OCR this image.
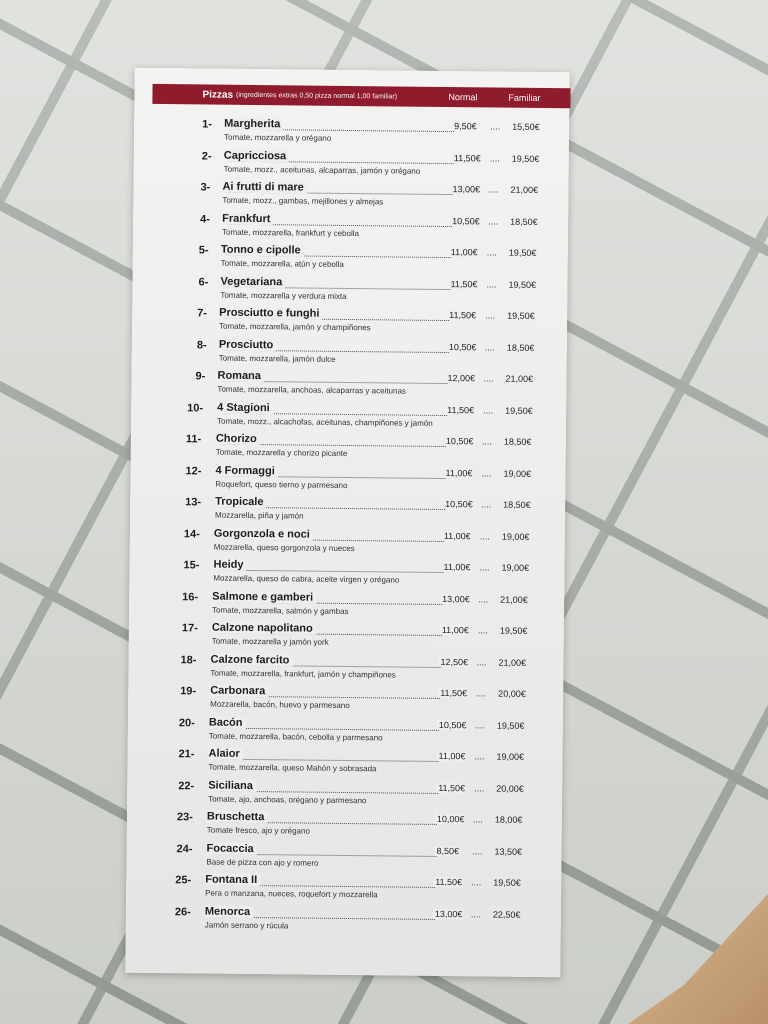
Pizzas (ingredientes extras 0,50 pizza normal 1,00 familiar)	Normal	Familiar
1-	Margherita	9,50€ .... 15,50€
Tomate, mozzarella y orégano
2-	Capricciosa	11,50€ .... 19,50€
Tomate, mozz., aceitunas, alcaparras, jamón y orégano
3-	Ai frutti di mare	13,00€ .... 21,00€
Tomate, mozz., gambas, mejillones y almejas
4-	Frankfurt	10,50€ .... 18,50€
Tomate, mozzarella, frankfurt y cebolla
5-	Tonno e cipolle	11,00€ .... 19,50€
Tomate, mozzarella, atún y cebolla
6-	Vegetariana	11,50€ .... 19,50€
Tomate, mozzarella y verdura mixta
7-	Prosciutto e funghi	11,50€ .... 19,50€
Tomate, mozzarella, jamón y champiñones
8-	Prosciutto	10,50€ .... 18,50€
Tomate, mozzarella, jamón dulce
9-	Romana	12,00€ .... 21,00€
Tomate, mozzarella, anchoas, alcaparras y aceitunas
10-	4 Stagioni	11,50€ .... 19,50€
Tomate, mozz., alcachofas, aceitunas, champiñones y jamón
11-	Chorizo	10,50€ .... 18,50€
Tomate, mozzarella y chorizo picante
12-	4 Formaggi	11,00€ .... 19,00€
Roquefort, queso tierno y parmesano
13-	Tropicale	10,50€ .... 18,50€
Mozzarella, piña y jamón
14-	Gorgonzola e noci	11,00€ .... 19,00€
Mozzarella, queso gorgonzola y nueces
15-	Heidy	11,00€ .... 19,00€
Mozzarella, queso de cabra, aceite virgen y orégano
16-	Salmone e gamberi	13,00€ .... 21,00€
Tomate, mozzarella, salmón y gambas
17-	Calzone napolitano	11,00€ .... 19,50€
Tomate, mozzarella y jamón york
18-	Calzone farcito	12,50€ .... 21,00€
Tomate, mozzarella, frankfurt, jamón y champiñones
19-	Carbonara	11,50€ .... 20,00€
Mozzarella, bacón, huevo y parmesano
20-	Bacón	10,50€ .... 19,50€
Tomate, mozzarella, bacón, cebolla y parmesano
21-	Alaior	11,00€ .... 19,00€
Tomate, mozzarella, queso Mahón y sobrasada
22-	Siciliana	11,50€ .... 20,00€
Tomate, ajo, anchoas, orégano y parmesano
23-	Bruschetta	10,00€ .... 18,00€
Tomate fresco, ajo y orégano
24-	Focaccia	8,50€ .... 13,50€
Base de pizza con ajo y romero
25-	Fontana II	11,50€ .... 19,50€
Pera o manzana, nueces, roquefort y mozzarella
26-	Menorca	13,00€ .... 22,50€
Jamón serrano y rúcula
